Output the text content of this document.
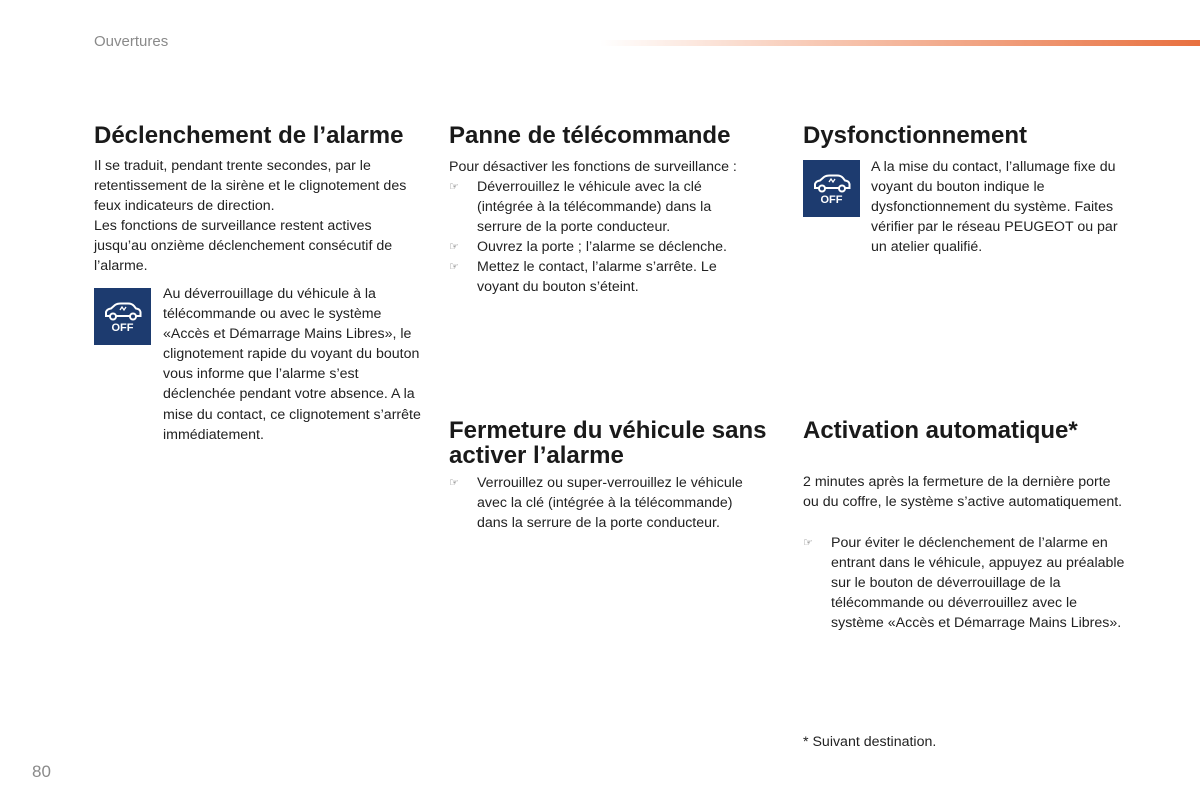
Ouvertures
Déclenchement de l’alarme

Il se traduit, pendant trente secondes, par le retentissement de la sirène et le clignotement des feux indicateurs de direction.

Les fonctions de surveillance restent actives jusqu’au onzième déclenchement consécutif de l’alarme.

OFF

Au déverrouillage du véhicule à la télécommande ou avec le système «Accès et Démarrage Mains Libres», le clignotement rapide du voyant du bouton vous informe que l’alarme s’est déclenchée pendant votre absence. A la mise du contact, ce clignotement s’arrête immédiatement.

Panne de télécommande

Pour désactiver les fonctions de surveillance :

☞ Déverrouillez le véhicule avec la clé (intégrée à la télécommande) dans la serrure de la porte conducteur.
☞ Ouvrez la porte ; l’alarme se déclenche.
☞ Mettez le contact, l’alarme s’arrête. Le voyant du bouton s’éteint.
Fermeture du véhicule sans activer l’alarme
☞ Verrouillez ou super-verrouillez le véhicule avec la clé (intégrée à la télécommande) dans la serrure de la porte conducteur.
Dysfonctionnement
OFF

A la mise du contact, l’allumage fixe du voyant du bouton indique le dysfonctionnement du système. Faites vérifier par le réseau PEUGEOT ou par un atelier qualifié.

Activation automatique*

2 minutes après la fermeture de la dernière porte ou du coffre, le système s’active automatiquement.

☞ Pour éviter le déclenchement de l’alarme en entrant dans le véhicule, appuyez au préalable sur le bouton de déverrouillage de la télécommande ou déverrouillez avec le système «Accès et Démarrage Mains Libres».
* Suivant destination.
80
